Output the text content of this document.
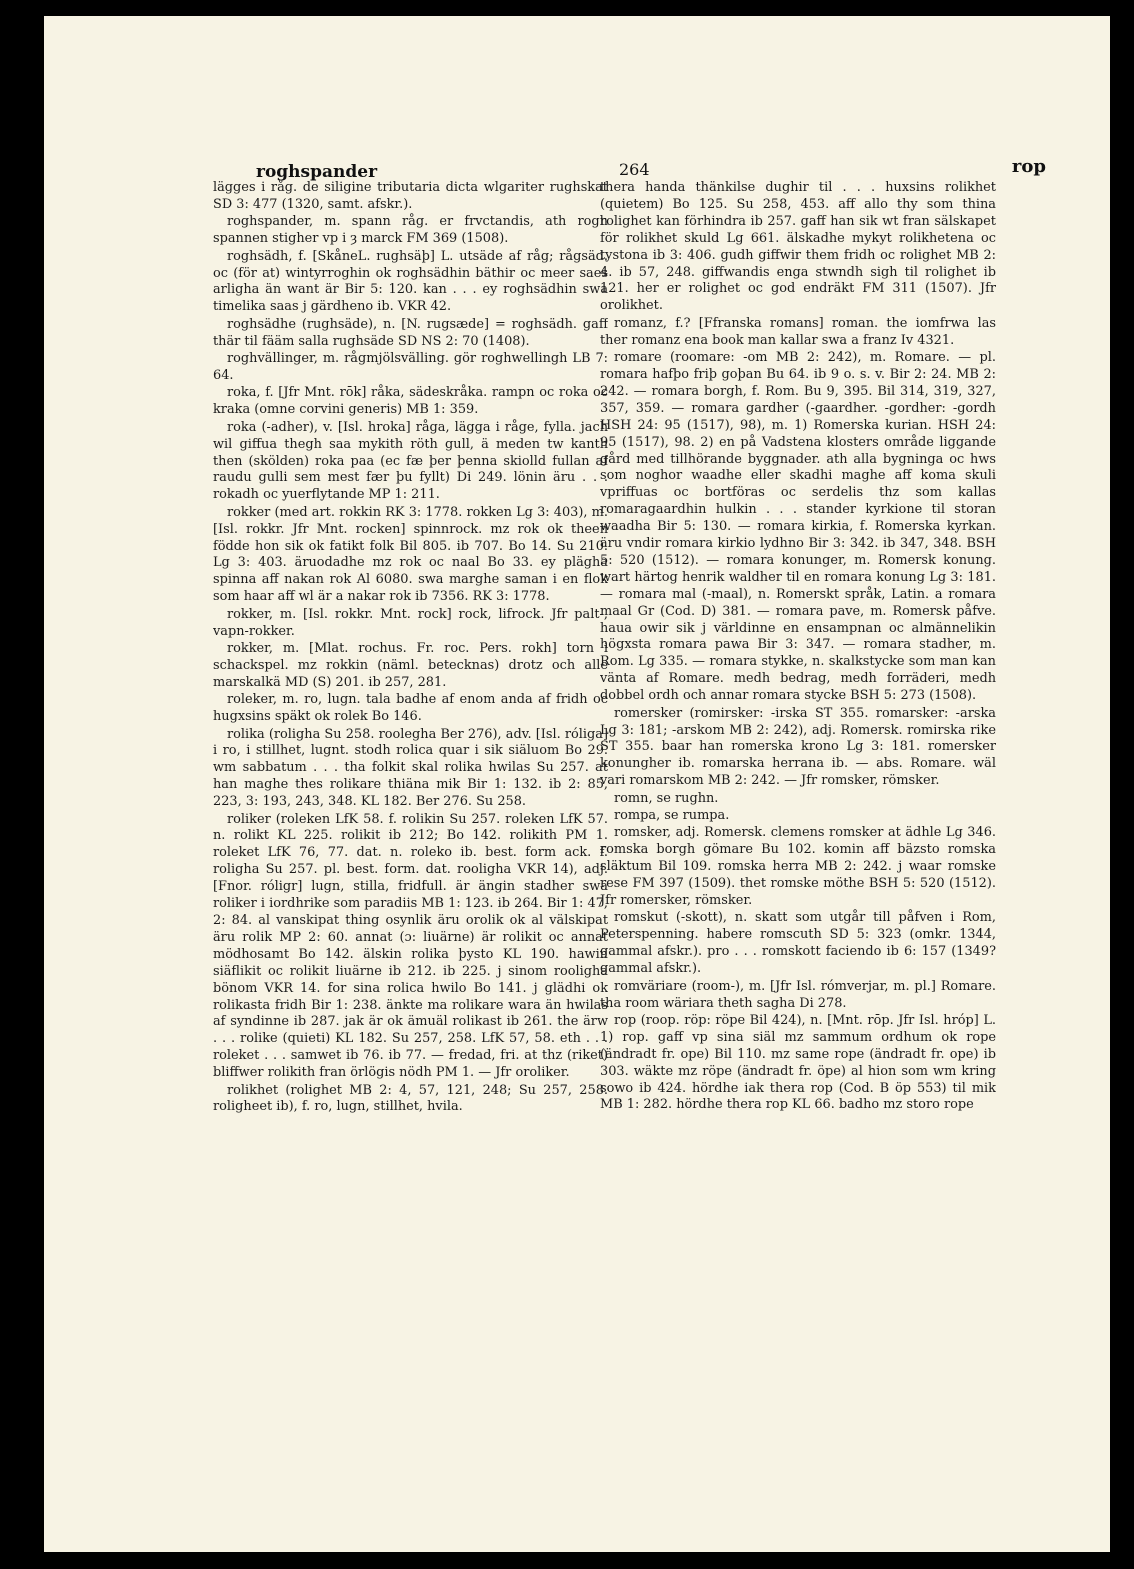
roghspander	264	rop

lägges i råg. de siligine tributaria dicta wlgariter rughskat SD 3: 477 (1320, samt. afskr.).

roghspander, m. spann råg. er frvctandis, ath rogh spannen stigher vp i ȝ marck FM 369 (1508).

roghsädh, f. [SkåneL. rughsäþ] L. utsäde af råg; rågsäd. oc (för at) wintyrroghin ok roghsädhin bäthir oc meer saes arligha än want är Bir 5: 120. kan . . . ey roghsädhin swa timelika saas j gärdheno ib. VKR 42.

roghsädhe (rughsäde), n. [N. rugsæde] = roghsädh. gaff thär til fääm salla rughsäde SD NS 2: 70 (1408).

roghvällinger, m. rågmjölsvälling. gör roghwellingh LB 7: 64.

roka, f. [Jfr Mnt. rōk] råka, sädeskråka. rampn oc roka oc kraka (omne corvini generis) MB 1: 359.

roka (-adher), v. [Isl. hroka] råga, lägga i råge, fylla. jach wil giffua thegh saa mykith röth gull, ä meden tw kanth then (skölden) roka paa (ec fæ þer þenna skiolld fullan af raudu gulli sem mest fær þu fyllt) Di 249. lönin äru . . . rokadh oc yuerflytande MP 1: 211.

rokker (med art. rokkin RK 3: 1778. rokken Lg 3: 403), m. [Isl. rokkr. Jfr Mnt. rocken] spinnrock. mz rok ok theen födde hon sik ok fatikt folk Bil 805. ib 707. Bo 14. Su 210. Lg 3: 403. äruodadhe mz rok oc naal Bo 33. ey plägha spinna aff nakan rok Al 6080. swa marghe saman i en flok som haar aff wl är a nakar rok ib 7356. RK 3: 1778.

rokker, m. [Isl. rokkr. Mnt. rock] rock, lifrock. Jfr palt-, vapn-rokker.

rokker, m. [Mlat. rochus. Fr. roc. Pers. rokh] torn i schackspel. mz rokkin (näml. betecknas) drotz och alle marskalkä MD (S) 201. ib 257, 281.

roleker, m. ro, lugn. tala badhe af enom anda af fridh oc hugxsins späkt ok rolek Bo 146.

rolika (roligha Su 258. roolegha Ber 276), adv. [Isl. róliga] i ro, i stillhet, lugnt. stodh rolica quar i sik siäluom Bo 29. wm sabbatum . . . tha folkit skal rolika hwilas Su 257. at han maghe thes rolikare thiäna mik Bir 1: 132. ib 2: 85, 223, 3: 193, 243, 348. KL 182. Ber 276. Su 258.

roliker (roleken LfK 58. f. rolikin Su 257. roleken LfK 57. n. rolikt KL 225. rolikit ib 212; Bo 142. rolikith PM 1. roleket LfK 76, 77. dat. n. roleko ib. best. form ack. f. roligha Su 257. pl. best. form. dat. rooligha VKR 14), adj. [Fnor. róligr] lugn, stilla, fridfull. är ängin stadher swa roliker i iordhrike som paradiis MB 1: 123. ib 264. Bir 1: 47, 2: 84. al vanskipat thing osynlik äru orolik ok al välskipat äru rolik MP 2: 60. annat (ɔ: liuärne) är rolikit oc annat mödhosamt Bo 142. älskin rolika þysto KL 190. hawin siäflikit oc rolikit liuärne ib 212. ib 225. j sinom rooligha bönom VKR 14. for sina rolica hwilo Bo 141. j glädhi ok rolikasta fridh Bir 1: 238. änkte ma rolikare wara än hwilas af syndinne ib 287. jak är ok ämuäl rolikast ib 261. the ärw . . . rolike (quieti) KL 182. Su 257, 258. LfK 57, 58. eth . . . roleket . . . samwet ib 76. ib 77. — fredad, fri. at thz (riket) bliffwer rolikith fran örlögis nödh PM 1. — Jfr oroliker.

rolikhet (rolighet MB 2: 4, 57, 121, 248; Su 257, 258. roligheet ib), f. ro, lugn, stillhet, hvila.

thera handa thänkilse dughir til . . . huxsins rolikhet (quietem) Bo 125. Su 258, 453. aff allo thy som thina rolighet kan förhindra ib 257. gaff han sik wt fran sälskapet för rolikhet skuld Lg 661. älskadhe mykyt rolikhetena oc tystona ib 3: 406. gudh giffwir them fridh oc rolighet MB 2: 4. ib 57, 248. giffwandis enga stwndh sigh til rolighet ib 121. her er rolighet oc god endräkt FM 311 (1507). Jfr orolikhet.

romanz, f.? [Ffranska romans] roman. the iomfrwa las ther romanz ena book man kallar swa a franz Iv 4321.

romare (roomare: -om MB 2: 242), m. Romare. — pl. romara hafþo friþ goþan Bu 64. ib 9 o. s. v. Bir 2: 24. MB 2: 242. — romara borgh, f. Rom. Bu 9, 395. Bil 314, 319, 327, 357, 359. — romara gardher (-gaardher. -gordher: -gordh HSH 24: 95 (1517), 98), m. 1) Romerska kurian. HSH 24: 95 (1517), 98. 2) en på Vadstena klosters område liggande gård med tillhörande byggnader. ath alla bygninga oc hws som noghor waadhe eller skadhi maghe aff koma skuli vpriffuas oc bortföras oc serdelis thz som kallas romaragaardhin hulkin . . . stander kyrkione til storan waadha Bir 5: 130. — romara kirkia, f. Romerska kyrkan. äru vndir romara kirkio lydhno Bir 3: 342. ib 347, 348. BSH 5: 520 (1512). — romara konunger, m. Romersk konung. wart härtog henrik waldher til en romara konung Lg 3: 181. — romara mal (-maal), n. Romerskt språk, Latin. a romara maal Gr (Cod. D) 381. — romara pave, m. Romersk påfve. haua owir sik j världinne en ensampnan oc almännelikin högxsta romara pawa Bir 3: 347. — romara stadher, m. Rom. Lg 335. — romara stykke, n. skalkstycke som man kan vänta af Romare. medh bedrag, medh forräderi, medh dobbel ordh och annar romara stycke BSH 5: 273 (1508).

romersker (romirsker: -irska ST 355. romarsker: -arska Lg 3: 181; -arskom MB 2: 242), adj. Romersk. romirska rike ST 355. baar han romerska krono Lg 3: 181. romersker konungher ib. romarska herrana ib. — abs. Romare. wäl vari romarskom MB 2: 242. — Jfr romsker, römsker.

romn, se rughn.

rompa, se rumpa.

romsker, adj. Romersk. clemens romsker at ädhle Lg 346. romska borgh gömare Bu 102. komin aff bäzsto romska släktum Bil 109. romska herra MB 2: 242. j waar romske rese FM 397 (1509). thet romske möthe BSH 5: 520 (1512). Jfr romersker, römsker.

romskut (-skott), n. skatt som utgår till påfven i Rom, Peterspenning. habere romscuth SD 5: 323 (omkr. 1344, gammal afskr.). pro . . . romskott faciendo ib 6: 157 (1349? gammal afskr.).

romväriare (room-), m. [Jfr Isl. rómverjar, m. pl.] Romare. tha room wäriara theth sagha Di 278.

rop (roop. röp: röpe Bil 424), n. [Mnt. rōp. Jfr Isl. hróp] L. 1) rop. gaff vp sina siäl mz sammum ordhum ok rope (ändradt fr. ope) Bil 110. mz same rope (ändradt fr. ope) ib 303. wäkte mz röpe (ändradt fr. öpe) al hion som wm kring sowo ib 424. hördhe iak thera rop (Cod. B öp 553) til mik MB 1: 282. hördhe thera rop KL 66. badho mz storo rope
